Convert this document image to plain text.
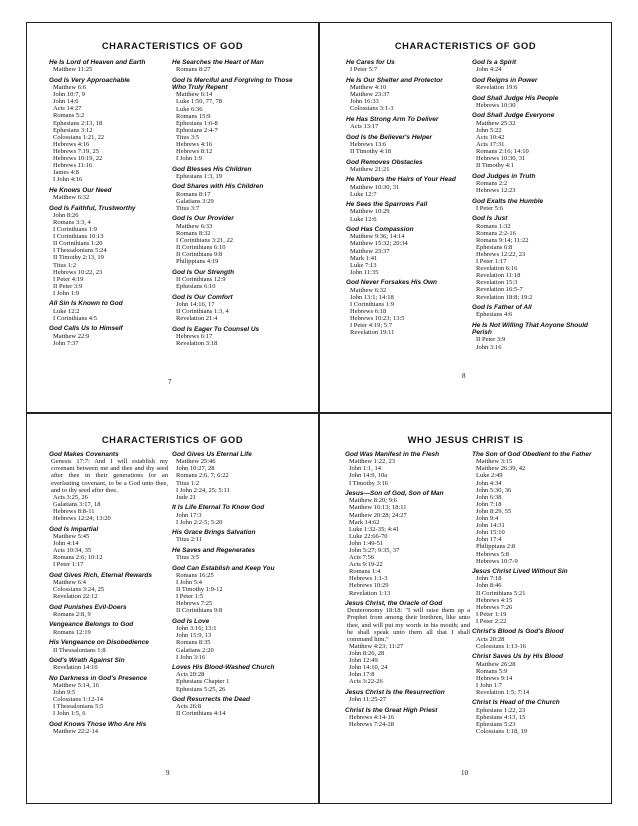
CHARACTERISTICS OF GOD
He Is Lord of Heaven and Earth
Matthew 11:25
God Is Very Approachable
Matthew 6:6
John 10:7, 9
John 14:6
Acts 14:27
Romans 5:2
Ephesians 2:13, 18
Ephesians 3:12
Colossians 1:21, 22
Hebrews 4:16
Hebrews 7:19, 25
Hebrews 10:19, 22
Hebrews 11:16
James 4:8
I John 4:16
He Knows Our Need
Matthew 6:32
God Is Faithful, Trustworthy
John 8:26
Romans 3:3, 4
I Corinthians 1:9
I Corinthians 10:13
II Corinthians 1:20
I Thessalonians 5:24
II Timothy 2:13, 19
Titus 1:2
Hebrews 10:22, 23
I Peter 4:19
II Peter 3:9
I John 1:9
All Sin Is Known to God
Luke 12:2
I Corinthians 4:5
God Calls Us to Himself
Matthew 22:9
John 7:37
He Searches the Heart of Man
Romans 8:27
God Is Merciful and Forgiving to Those Who Truly Repent
Matthew 6:14
Luke 1:50, 77, 78
Luke 6:36
Romans 15:9
Ephesians 1:6-8
Ephesians 2:4-7
Titus 3:5
Hebrews 4:16
Hebrews 8:12
I John 1:9
God Blesses His Children
Ephesians 1:3, 19
God Shares with His Children
Romans 8:17
Galatians 3:29
Titus 3:7
God Is Our Provider
Matthew 6:33
Romans 8:32
I Corinthians 3:21, 22
II Corinthians 6:10
II Corinthians 9:8
Philippians 4:19
God Is Our Strength
II Corinthians 12:9
Ephesians 6:10
God Is Our Comfort
John 14:16, 17
II Corinthians 1:3, 4
Revelation 21:4
God Is Eager To Counsel Us
Hebrews 6:17
Revelation 3:18
7
CHARACTERISTICS OF GOD
He Cares for Us
I Peter 5:7
He Is Our Shelter and Protector
Matthew 4:10
Matthew 23:37
John 16:33
Colossians 3:1-3
He Has Strong Arm To Deliver
Acts 13:17
God Is the Believer's Helper
Hebrews 13:6
II Timothy 4:18
God Removes Obstacles
Matthew 21:21
He Numbers the Hairs of Your Head
Matthew 10:30, 31
Luke 12:7
He Sees the Sparrows Fall
Matthew 10:29
Luke 12:6
God Has Compassion
Matthew 9:36; 14:14
Matthew 15:32; 20:34
Matthew 23:37
Mark 1:41
Luke 7:13
John 11:35
God Never Forsakes His Own
Matthew 6:32
John 13:1; 14:18
I Corinthians 1:9
Hebrews 6:18
Hebrews 10:23; 13:5
I Peter 4:19; 5:7
Revelation 19:11
God Is a Spirit
John 4:24
God Reigns in Power
Revelation 19:6
God Shall Judge His People
Hebrews 10:30
God Shall Judge Everyone
Matthew 25:32
John 5:22
Acts 10:42
Acts 17:31
Romans 2:16; 14:10
Hebrews 10:30, 31
II Timothy 4:1
God Judges in Truth
Romans 2:2
Hebrews 12:23
God Exalts the Humble
I Peter 5:6
God Is Just
Romans 1:32
Romans 2:2-16
Romans 9:14; 11:22
Ephesians 6:8
Hebrews 12:22, 23
I Peter 1:17
Revelation 6:16
Revelation 11:18
Revelation 15:3
Revelation 16:5-7
Revelation 18:8; 19:2
God Is Father of All
Ephesians 4:6
He Is Not Willing That Anyone Should Perish
II Peter 3:9
John 3:16
8
CHARACTERISTICS OF GOD
God Makes Covenants
Genesis 17:7: And I will establish my covenant between me and thee and thy seed after thee in their generations for an everlasting covenant, to be a God unto thee, and to thy seed after thee.
Acts 3:25, 26
Galatians 3:17, 18
Hebrews 8:8-11
Hebrews 12:24; 13:20
God Is Impartial
Matthew 5:45
John 4:14
Acts 10:34, 35
Romans 2:6; 10:12
I Peter 1:17
God Gives Rich, Eternal Rewards
Matthew 6:4
Colossians 3:24, 25
Revelation 22:12
God Punishes Evil-Doers
Romans 2:8, 9
Vengeance Belongs to God
Romans 12:19
His Vengeance on Disobedience
II Thessalonians 1:8
God's Wrath Against Sin
Revelation 14:10
No Darkness in God's Presence
Matthew 5:14, 16
John 9:5
Colossians 1:12-14
I Thessalonians 5:5
I John 1:5, 6
God Knows Those Who Are His
Matthew 22:2-14
God Gives Us Eternal Life
Matthew 25:46
John 10:27, 28
Romans 2:6, 7; 6:22
Titus 1:2
I John 2:24, 25; 5:11
Jude 21
It Is Life Eternal To Know God
John 17:3
I John 2:2-5; 5:20
His Grace Brings Salvation
Titus 2:11
He Saves and Regenerates
Titus 3:5
God Can Establish and Keep You
Romans 16:25
I John 5:4
II Timothy 1:9-12
I Peter 1:5
Hebrews 7:25
II Corinthians 9:8
God Is Love
John 3:16; 13:1
John 15:9, 13
Romans 8:35
Galatians 2:20
I John 3:16
Loves His Blood-Washed Church
Acts 20:28
Ephesians Chapter 1
Ephesians 5:25, 26
God Resurrects the Dead
Acts 26:8
II Corinthians 4:14
9
WHO JESUS CHRIST IS
God Was Manifest in the Flesh
Matthew 1:22, 23
John 1:1, 14
John 14:9, 10a
I Timothy 3:16
Jesus—Son of God, Son of Man
Matthew 8:20; 9:6
Matthew 16:13; 18:11
Matthew 20:28; 24:27
Mark 14:62
Luke 1:32-35; 4:41
Luke 22:66-70
John 1:49-51
John 5:27; 9:35, 37
Acts 7:56
Acts 9:19-22
Romans 1:4
Hebrews 1:1-3
Hebrews 10:29
Revelation 1:13
Jesus Christ, the Oracle of God
Deuteronomy 18:18: "I will raise them up a Prophet from among their brethren, like unto thee, and will put my words in his mouth; and he shall speak unto them all that I shall command him."
Matthew 4:23; 11:27
John 8:26, 28
John 12:49
John 14:10, 24
John 17:8
Acts 3:22-26
Jesus Christ Is the Resurrection
John 11:25-27
Christ Is the Great High Priest
Hebrews 4:14-16
Hebrews 7:24-28
The Son of God Obedient to the Father
Matthew 3:15
Matthew 26:39, 42
Luke 2:49
John 4:34
John 5:30, 36
John 6:38
John 7:18
John 8:29, 55
John 9:4
John 14:31
John 15:10
John 17:4
Philippians 2:8
Hebrews 5:8
Hebrews 10:7-9
Jesus Christ Lived Without Sin
John 7:18
John 8:46
II Corinthians 5:21
Hebrews 4:15
Hebrews 7:26
I Peter 1:19
I Peter 2:22
Christ's Blood Is God's Blood
Acts 20:28
Colossians 1:13-16
Christ Saves Us by His Blood
Matthew 26:28
Romans 5:9
Hebrews 9:14
I John 1:7
Revelation 1:5; 7:14
Christ Is Head of the Church
Ephesians 1:22, 23
Ephesians 4:13, 15
Ephesians 5:23
Colossians 1:18, 19
10
